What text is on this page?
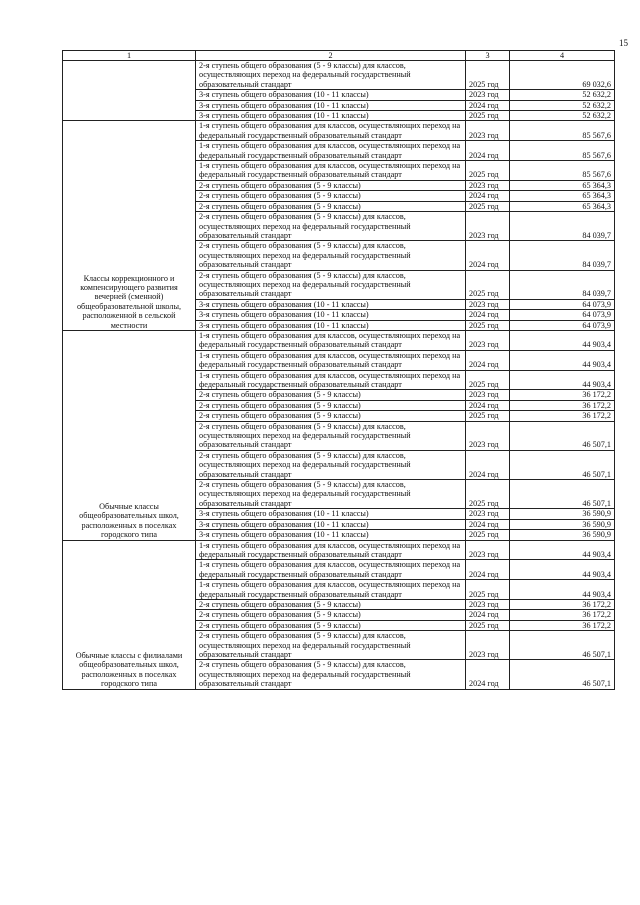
15
1	2	3	4
	2-я ступень общего образования (5 - 9 классы) для классов, осуществляющих переход на федеральный государственный образовательный стандарт	2025 год	69 032,6
	3-я ступень общего образования (10 - 11 классы)	2023 год	52 632,2
	3-я ступень общего образования (10 - 11 классы)	2024 год	52 632,2
	3-я ступень общего образования (10 - 11 классы)	2025 год	52 632,2
Классы коррекционного и компенсирующего развития вечерней (сменной) общеобразовательной школы, расположенной в сельской местности	1-я ступень общего образования для классов, осуществляющих переход на федеральный государственный образовательный стандарт	2023 год	85 567,6
	1-я ступень общего образования для классов, осуществляющих переход на федеральный государственный образовательный стандарт	2024 год	85 567,6
	1-я ступень общего образования для классов, осуществляющих переход на федеральный государственный образовательный стандарт	2025 год	85 567,6
	2-я ступень общего образования (5 - 9 классы)	2023 год	65 364,3
	2-я ступень общего образования (5 - 9 классы)	2024 год	65 364,3
	2-я ступень общего образования (5 - 9 классы)	2025 год	65 364,3
	2-я ступень общего образования (5 - 9 классы) для классов, осуществляющих переход на федеральный государственный образовательный стандарт	2023 год	84 039,7
	2-я ступень общего образования (5 - 9 классы) для классов, осуществляющих переход на федеральный государственный образовательный стандарт	2024 год	84 039,7
	2-я ступень общего образования (5 - 9 классы) для классов, осуществляющих переход на федеральный государственный образовательный стандарт	2025 год	84 039,7
	3-я ступень общего образования (10 - 11 классы)	2023 год	64 073,9
	3-я ступень общего образования (10 - 11 классы)	2024 год	64 073,9
	3-я ступень общего образования (10 - 11 классы)	2025 год	64 073,9
Обычные классы общеобразовательных школ, расположенных в поселках городского типа	1-я ступень общего образования для классов, осуществляющих переход на федеральный государственный образовательный стандарт	2023 год	44 903,4
	1-я ступень общего образования для классов, осуществляющих переход на федеральный государственный образовательный стандарт	2024 год	44 903,4
	1-я ступень общего образования для классов, осуществляющих переход на федеральный государственный образовательный стандарт	2025 год	44 903,4
	2-я ступень общего образования (5 - 9 классы)	2023 год	36 172,2
	2-я ступень общего образования (5 - 9 классы)	2024 год	36 172,2
	2-я ступень общего образования (5 - 9 классы)	2025 год	36 172,2
	2-я ступень общего образования (5 - 9 классы) для классов, осуществляющих переход на федеральный государственный образовательный стандарт	2023 год	46 507,1
	2-я ступень общего образования (5 - 9 классы) для классов, осуществляющих переход на федеральный государственный образовательный стандарт	2024 год	46 507,1
	2-я ступень общего образования (5 - 9 классы) для классов, осуществляющих переход на федеральный государственный образовательный стандарт	2025 год	46 507,1
	3-я ступень общего образования (10 - 11 классы)	2023 год	36 590,9
	3-я ступень общего образования (10 - 11 классы)	2024 год	36 590,9
	3-я ступень общего образования (10 - 11 классы)	2025 год	36 590,9
Обычные классы с филиалами общеобразовательных школ, расположенных в поселках городского типа	1-я ступень общего образования для классов, осуществляющих переход на федеральный государственный образовательный стандарт	2023 год	44 903,4
	1-я ступень общего образования для классов, осуществляющих переход на федеральный государственный образовательный стандарт	2024 год	44 903,4
	1-я ступень общего образования для классов, осуществляющих переход на федеральный государственный образовательный стандарт	2025 год	44 903,4
	2-я ступень общего образования (5 - 9 классы)	2023 год	36 172,2
	2-я ступень общего образования (5 - 9 классы)	2024 год	36 172,2
	2-я ступень общего образования (5 - 9 классы)	2025 год	36 172,2
	2-я ступень общего образования (5 - 9 классы) для классов, осуществляющих переход на федеральный государственный образовательный стандарт	2023 год	46 507,1
	2-я ступень общего образования (5 - 9 классы) для классов, осуществляющих переход на федеральный государственный образовательный стандарт	2024 год	46 507,1
